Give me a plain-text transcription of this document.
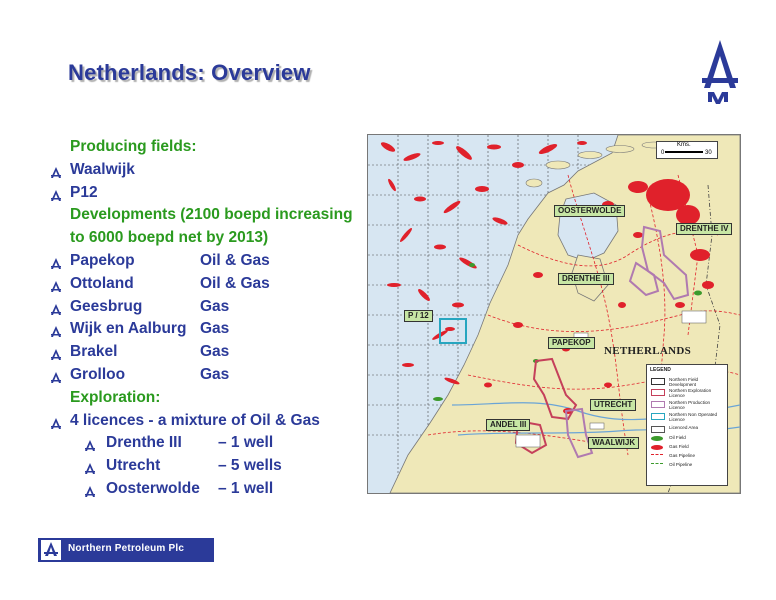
Netherlands: Overview
Producing fields:
Waalwijk
P12
Developments (2100 boepd increasing
to 6000 boepd net by 2013)
Papekop	Oil & Gas
Ottoland	Oil & Gas
Geesbrug	Gas
Wijk en Aalburg Gas
Brakel	Gas
Grolloo	Gas
Exploration:
4 licences - a mixture of Oil & Gas
Drenthe III – 1 well
Utrecht	– 5 wells
Oosterwolde – 1 well
NETHERLANDS
OOSTERWOLDE
DRENTHE IV
DRENTHE III
P / 12
PAPEKOP
UTRECHT
ANDEL III
WAALWIJK
Kms.
0	30
LEGEND
Northern Field Development
Northern Exploration Licence
Northern Production Licence
Northern Non Operated Licence
Licenced Area
Oil Field
Gas Field
Gas Pipeline
Oil Pipeline
Northern Petroleum Plc
